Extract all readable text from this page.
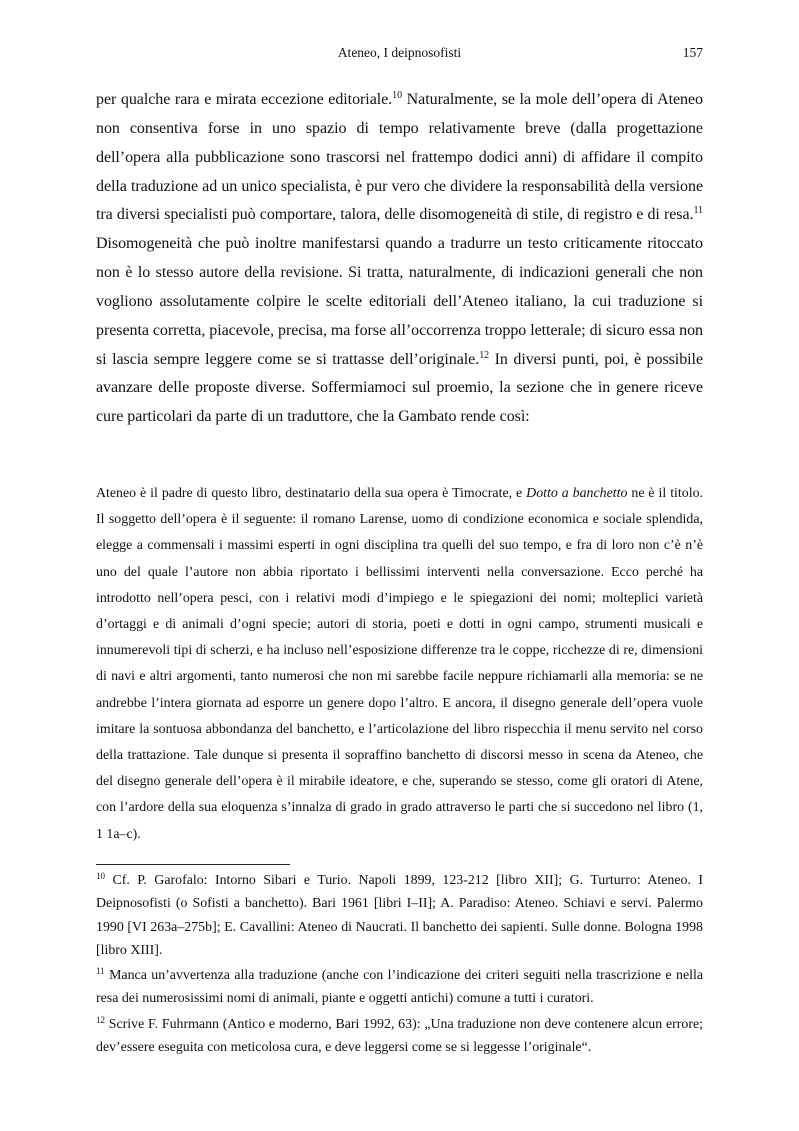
Ateneo, I deipnosofisti	157

per qualche rara e mirata eccezione editoriale.$^{10}$ Naturalmente, se la mole dell’opera di Ateneo non consentiva forse in uno spazio di tempo relativamente breve (dalla progettazione dell’opera alla pubblicazione sono trascorsi nel frattempo dodici anni) di affidare il compito della traduzione ad un unico specialista, è pur vero che dividere la responsabilità della versione tra diversi specialisti può comportare, talora, delle disomogeneità di stile, di registro e di resa.$^{11}$ Disomogeneità che può inoltre manifestarsi quando a tradurre un testo criticamente ritoccato non è lo stesso autore della revisione. Si tratta, naturalmente, di indicazioni generali che non vogliono assolutamente colpire le scelte editoriali dell’Ateneo italiano, la cui traduzione si presenta corretta, piacevole, precisa, ma forse all’occorrenza troppo letterale; di sicuro essa non si lascia sempre leggere come se si trattasse dell’originale.$^{12}$ In diversi punti, poi, è possibile avanzare delle proposte diverse. Soffermiamoci sul proemio, la sezione che in genere riceve cure particolari da parte di un traduttore, che la Gambato rende così:

Ateneo è il padre di questo libro, destinatario della sua opera è Timocrate, e Dotto a banchetto ne è il titolo. Il soggetto dell’opera è il seguente: il romano Larense, uomo di condizione economica e sociale splendida, elegge a commensali i massimi esperti in ogni disciplina tra quelli del suo tempo, e fra di loro non c’è n’è uno del quale l’autore non abbia riportato i bellissimi interventi nella conversazione. Ecco perché ha introdotto nell’opera pesci, con i relativi modi d’impiego e le spiegazioni dei nomi; molteplici varietà d’ortaggi e di animali d’ogni specie; autori di storia, poeti e dotti in ogni campo, strumenti musicali e innumerevoli tipi di scherzi, e ha incluso nell’esposizione differenze tra le coppe, ricchezze di re, dimensioni di navi e altri argomenti, tanto numerosi che non mi sarebbe facile neppure richiamarli alla memoria: se ne andrebbe l’intera giornata ad esporre un genere dopo l’altro. E ancora, il disegno generale dell’opera vuole imitare la sontuosa abbondanza del banchetto, e l’articolazione del libro rispecchia il menu servito nel corso della trattazione. Tale dunque si presenta il sopraffino banchetto di discorsi messo in scena da Ateneo, che del disegno generale dell’opera è il mirabile ideatore, e che, superando se stesso, come gli oratori di Atene, con l’ardore della sua eloquenza s’innalza di grado in grado attraverso le parti che si succedono nel libro (1, 1 1a–c).

$^{10}$ Cf. P. Garofalo: Intorno Sibari e Turio. Napoli 1899, 123-212 [libro XII]; G. Turturro: Ateneo. I Deipnosofisti (o Sofisti a banchetto). Bari 1961 [libri I–II]; A. Paradiso: Ateneo. Schiavi e servi. Palermo 1990 [VI 263a–275b]; E. Cavallini: Ateneo di Naucrati. Il banchetto dei sapienti. Sulle donne. Bologna 1998 [libro XIII].

$^{11}$ Manca un’avvertenza alla traduzione (anche con l’indicazione dei criteri seguiti nella trascrizione e nella resa dei numerosissimi nomi di animali, piante e oggetti antichi) comune a tutti i curatori.

$^{12}$ Scrive F. Fuhrmann (Antico e moderno, Bari 1992, 63): „Una traduzione non deve contenere alcun errore; dev’essere eseguita con meticolosa cura, e deve leggersi come se si leggesse l’originale“.
